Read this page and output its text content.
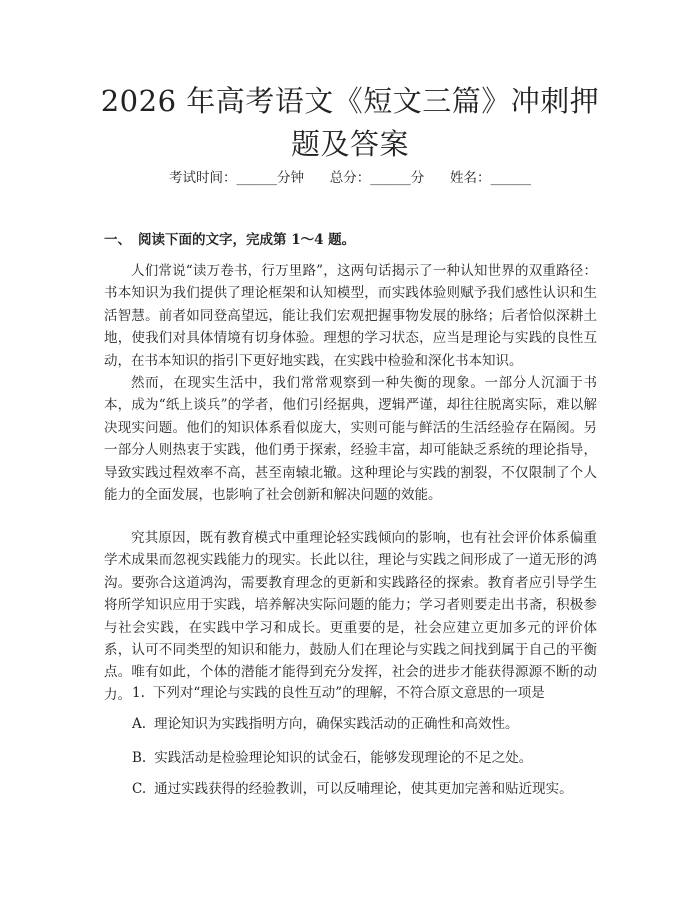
2026 年高考语文《短文三篇》冲刺押题及答案
考试时间：______分钟      总分：______分      姓名：______
一、 阅读下面的文字，完成第 1～4 题。

人们常说“读万卷书，行万里路”，这两句话揭示了一种认知世界的双重路径：书本知识为我们提供了理论框架和认知模型，而实践体验则赋予我们感性认识和生活智慧。前者如同登高望远，能让我们宏观把握事物发展的脉络；后者恰似深耕土地，使我们对具体情境有切身体验。理想的学习状态，应当是理论与实践的良性互动，在书本知识的指引下更好地实践，在实践中检验和深化书本知识。

然而，在现实生活中，我们常常观察到一种失衡的现象。一部分人沉湎于书本，成为“纸上谈兵”的学者，他们引经据典，逻辑严谨，却往往脱离实际，难以解决现实问题。他们的知识体系看似庞大，实则可能与鲜活的生活经验存在隔阂。另一部分人则热衷于实践，他们勇于探索，经验丰富，却可能缺乏系统的理论指导，导致实践过程效率不高，甚至南辕北辙。这种理论与实践的割裂，不仅限制了个人能力的全面发展，也影响了社会创新和解决问题的效能。

究其原因，既有教育模式中重理论轻实践倾向的影响，也有社会评价体系偏重学术成果而忽视实践能力的现实。长此以往，理论与实践之间形成了一道无形的鸿沟。要弥合这道鸿沟，需要教育理念的更新和实践路径的探索。教育者应引导学生将所学知识应用于实践，培养解决实际问题的能力；学习者则要走出书斋，积极参与社会实践，在实践中学习和成长。更重要的是，社会应建立更加多元的评价体系，认可不同类型的知识和能力，鼓励人们在理论与实践之间找到属于自己的平衡点。唯有如此，个体的潜能才能得到充分发挥，社会的进步才能获得源源不断的动力。 1. 下列对“理论与实践的良性互动”的理解，不符合原文意思的一项是

A. 理论知识为实践指明方向，确保实践活动的正确性和高效性。

B. 实践活动是检验理论知识的试金石，能够发现理论的不足之处。

C. 通过实践获得的经验教训，可以反哺理论，使其更加完善和贴近现实。
